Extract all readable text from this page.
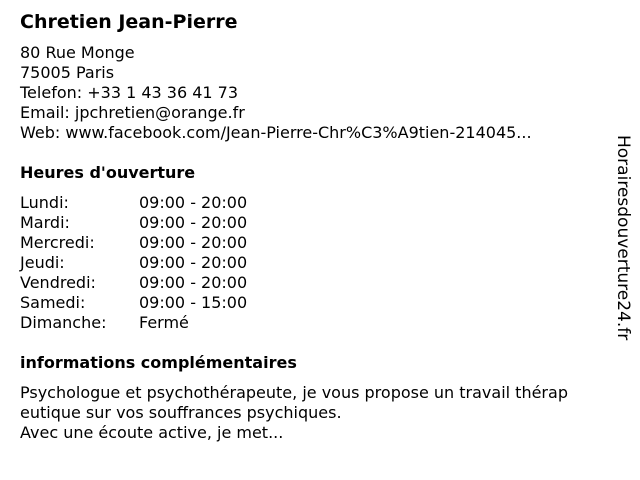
Chretien Jean-Pierre
80 Rue Monge
75005 Paris
Telefon: +33 1 43 36 41 73
Email: jpchretien@orange.fr
Web: www.facebook.com/Jean-Pierre-Chr%C3%A9tien-214045...
Heures d'ouverture
Lundi:	09:00 - 20:00
Mardi:	09:00 - 20:00
Mercredi:	09:00 - 20:00
Jeudi:	09:00 - 20:00
Vendredi:	09:00 - 20:00
Samedi:	09:00 - 15:00
Dimanche:	Fermé
informations complémentaires
Psychologue et psychothérapeute, je vous propose un travail thérap
eutique sur vos souffrances psychiques.
Avec une écoute active, je met...
Horairesdouverture24.fr
